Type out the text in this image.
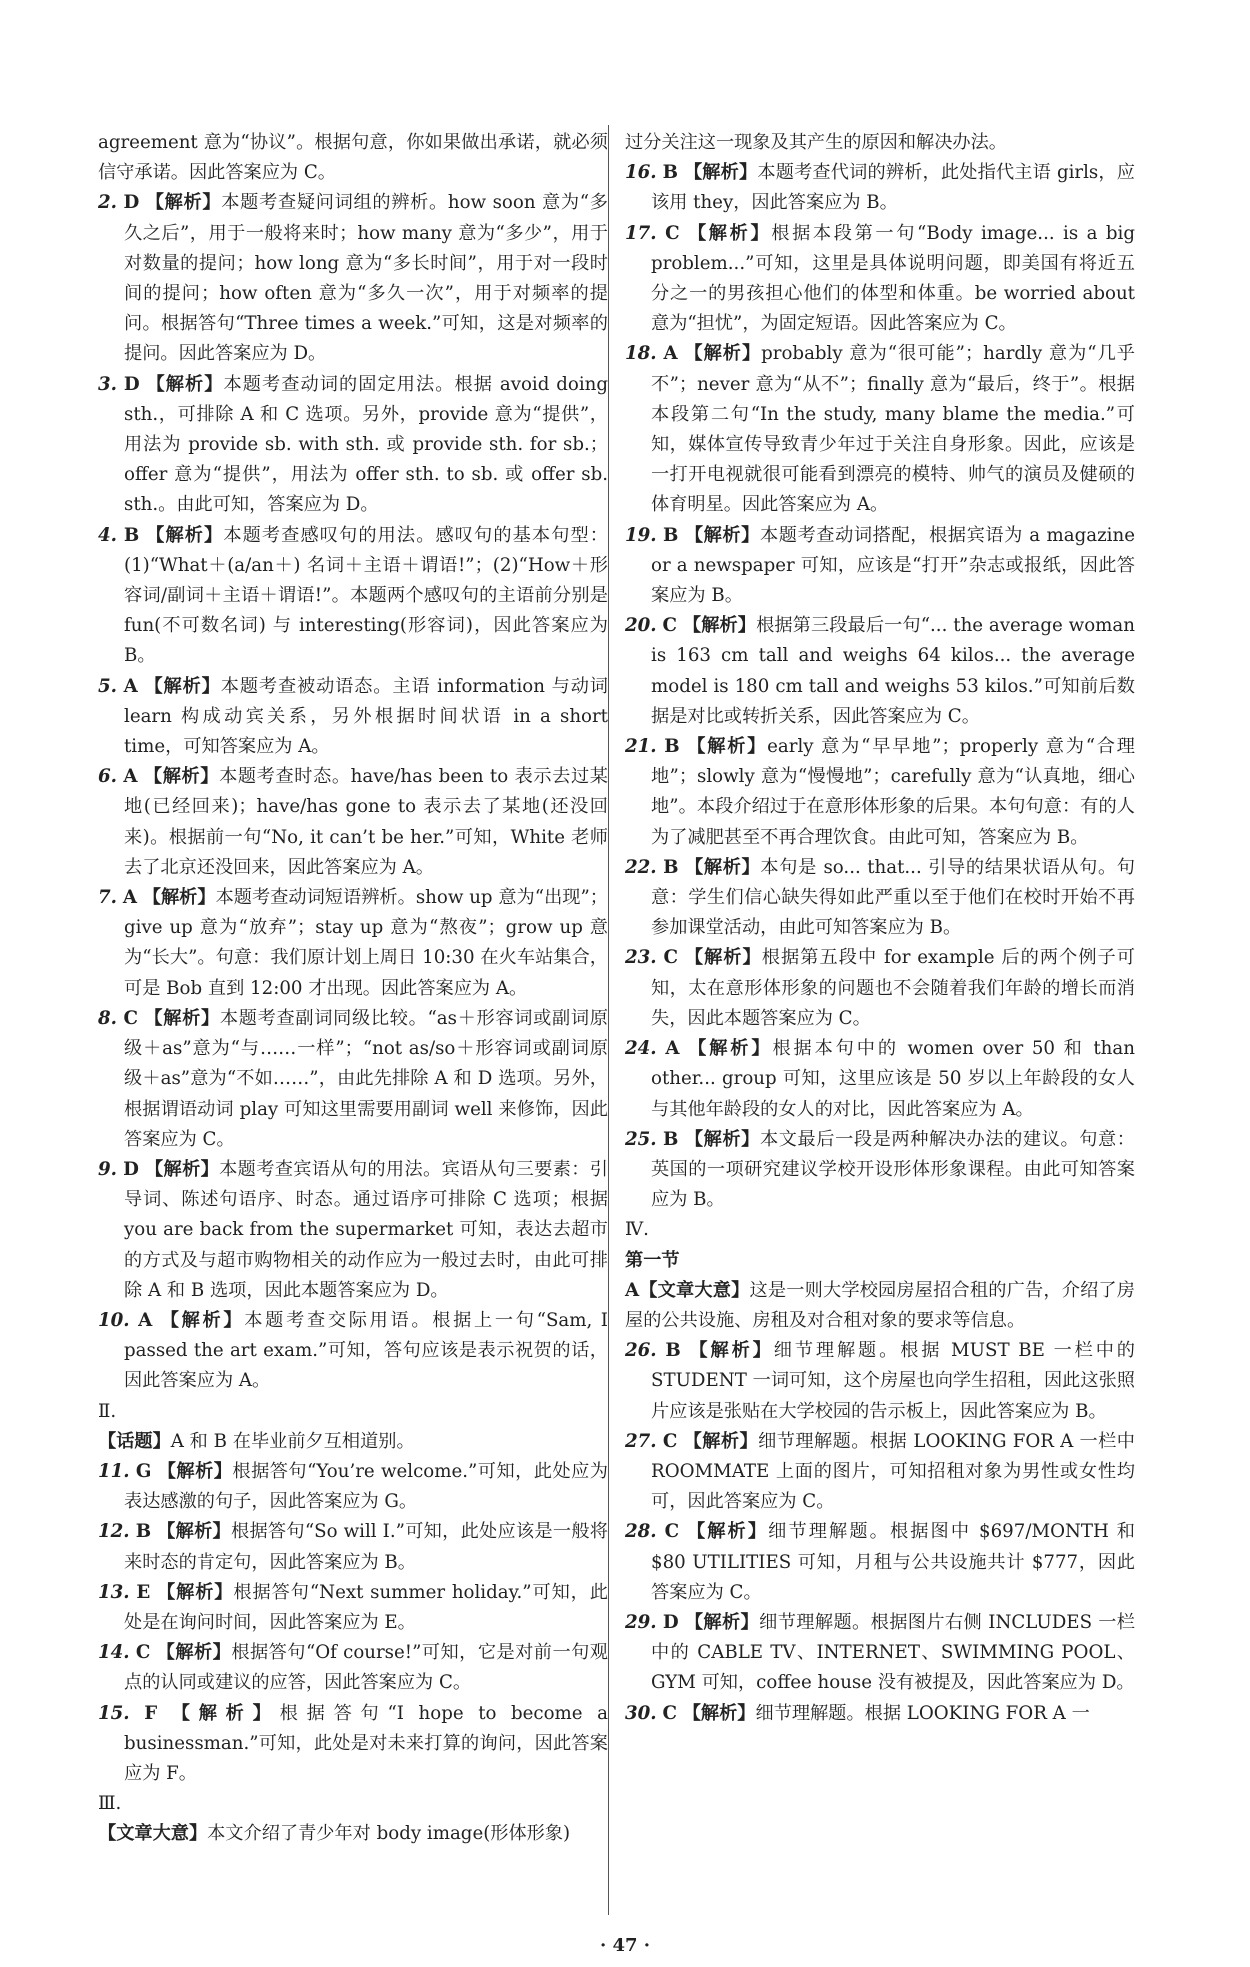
agreement 意为“协议”。根据句意，你如果做出承诺，就必须信守承诺。因此答案应为 C。

2. D 【解析】本题考查疑问词组的辨析。how soon 意为“多久之后”，用于一般将来时；how many 意为“多少”，用于对数量的提问；how long 意为“多长时间”，用于对一段时间的提问；how often 意为“多久一次”，用于对频率的提问。根据答句“Three times a week.”可知，这是对频率的提问。因此答案应为 D。

3. D 【解析】本题考查动词的固定用法。根据 avoid doing sth.，可排除 A 和 C 选项。另外，provide 意为“提供”，用法为 provide sb. with sth. 或 provide sth. for sb.；offer 意为“提供”，用法为 offer sth. to sb. 或 offer sb. sth.。由此可知，答案应为 D。

4. B 【解析】本题考查感叹句的用法。感叹句的基本句型：(1)“What＋(a/an＋) 名词＋主语＋谓语!”；(2)“How＋形容词/副词＋主语＋谓语!”。本题两个感叹句的主语前分别是 fun(不可数名词) 与 interesting(形容词)，因此答案应为 B。

5. A 【解析】本题考查被动语态。主语 information 与动词 learn 构成动宾关系，另外根据时间状语 in a short time，可知答案应为 A。

6. A 【解析】本题考查时态。have/has been to 表示去过某地(已经回来)；have/has gone to 表示去了某地(还没回来)。根据前一句“No, it can’t be her.”可知，White 老师去了北京还没回来，因此答案应为 A。

7. A 【解析】本题考查动词短语辨析。show up 意为“出现”；give up 意为“放弃”；stay up 意为“熬夜”；grow up 意为“长大”。句意：我们原计划上周日 10:30 在火车站集合，可是 Bob 直到 12:00 才出现。因此答案应为 A。

8. C 【解析】本题考查副词同级比较。“as＋形容词或副词原级＋as”意为“与……一样”；“not as/so＋形容词或副词原级＋as”意为“不如……”，由此先排除 A 和 D 选项。另外，根据谓语动词 play 可知这里需要用副词 well 来修饰，因此答案应为 C。

9. D 【解析】本题考查宾语从句的用法。宾语从句三要素：引导词、陈述句语序、时态。通过语序可排除 C 选项；根据 you are back from the supermarket 可知，表达去超市的方式及与超市购物相关的动作应为一般过去时，由此可排除 A 和 B 选项，因此本题答案应为 D。

10. A 【解析】本题考查交际用语。根据上一句“Sam, I passed the art exam.”可知，答句应该是表示祝贺的话，因此答案应为 A。

Ⅱ.

【话题】A 和 B 在毕业前夕互相道别。

11. G 【解析】根据答句“You’re welcome.”可知，此处应为表达感激的句子，因此答案应为 G。

12. B 【解析】根据答句“So will I.”可知，此处应该是一般将来时态的肯定句，因此答案应为 B。

13. E 【解析】根据答句“Next summer holiday.”可知，此处是在询问时间，因此答案应为 E。

14. C 【解析】根据答句“Of course!”可知，它是对前一句观点的认同或建议的应答，因此答案应为 C。

15. F 【解析】根据答句“I hope to become a businessman.”可知，此处是对未来打算的询问，因此答案应为 F。

Ⅲ.

【文章大意】本文介绍了青少年对 body image(形体形象)

过分关注这一现象及其产生的原因和解决办法。

16. B 【解析】本题考查代词的辨析，此处指代主语 girls，应该用 they，因此答案应为 B。

17. C 【解析】根据本段第一句“Body image... is a big problem...”可知，这里是具体说明问题，即美国有将近五分之一的男孩担心他们的体型和体重。be worried about 意为“担忧”，为固定短语。因此答案应为 C。

18. A 【解析】probably 意为“很可能”；hardly 意为“几乎不”；never 意为“从不”；finally 意为“最后，终于”。根据本段第二句“In the study, many blame the media.”可知，媒体宣传导致青少年过于关注自身形象。因此，应该是一打开电视就很可能看到漂亮的模特、帅气的演员及健硕的体育明星。因此答案应为 A。

19. B 【解析】本题考查动词搭配，根据宾语为 a magazine or a newspaper 可知，应该是“打开”杂志或报纸，因此答案应为 B。

20. C 【解析】根据第三段最后一句“... the average woman is 163 cm tall and weighs 64 kilos... the average model is 180 cm tall and weighs 53 kilos.”可知前后数据是对比或转折关系，因此答案应为 C。

21. B 【解析】early 意为“早早地”；properly 意为“合理地”；slowly 意为“慢慢地”；carefully 意为“认真地，细心地”。本段介绍过于在意形体形象的后果。本句句意：有的人为了减肥甚至不再合理饮食。由此可知，答案应为 B。

22. B 【解析】本句是 so... that... 引导的结果状语从句。句意：学生们信心缺失得如此严重以至于他们在校时开始不再参加课堂活动，由此可知答案应为 B。

23. C 【解析】根据第五段中 for example 后的两个例子可知，太在意形体形象的问题也不会随着我们年龄的增长而消失，因此本题答案应为 C。

24. A 【解析】根据本句中的 women over 50 和 than other... group 可知，这里应该是 50 岁以上年龄段的女人与其他年龄段的女人的对比，因此答案应为 A。

25. B 【解析】本文最后一段是两种解决办法的建议。句意：英国的一项研究建议学校开设形体形象课程。由此可知答案应为 B。

Ⅳ.

第一节

A【文章大意】这是一则大学校园房屋招合租的广告，介绍了房屋的公共设施、房租及对合租对象的要求等信息。

26. B 【解析】细节理解题。根据 MUST BE 一栏中的 STUDENT 一词可知，这个房屋也向学生招租，因此这张照片应该是张贴在大学校园的告示板上，因此答案应为 B。

27. C 【解析】细节理解题。根据 LOOKING FOR A 一栏中 ROOMMATE 上面的图片，可知招租对象为男性或女性均可，因此答案应为 C。

28. C 【解析】细节理解题。根据图中 $697/MONTH 和 $80 UTILITIES 可知，月租与公共设施共计 $777，因此答案应为 C。

29. D 【解析】细节理解题。根据图片右侧 INCLUDES 一栏中的 CABLE TV、INTERNET、SWIMMING POOL、GYM 可知，coffee house 没有被提及，因此答案应为 D。

30. C 【解析】细节理解题。根据 LOOKING FOR A 一

· 47 ·
